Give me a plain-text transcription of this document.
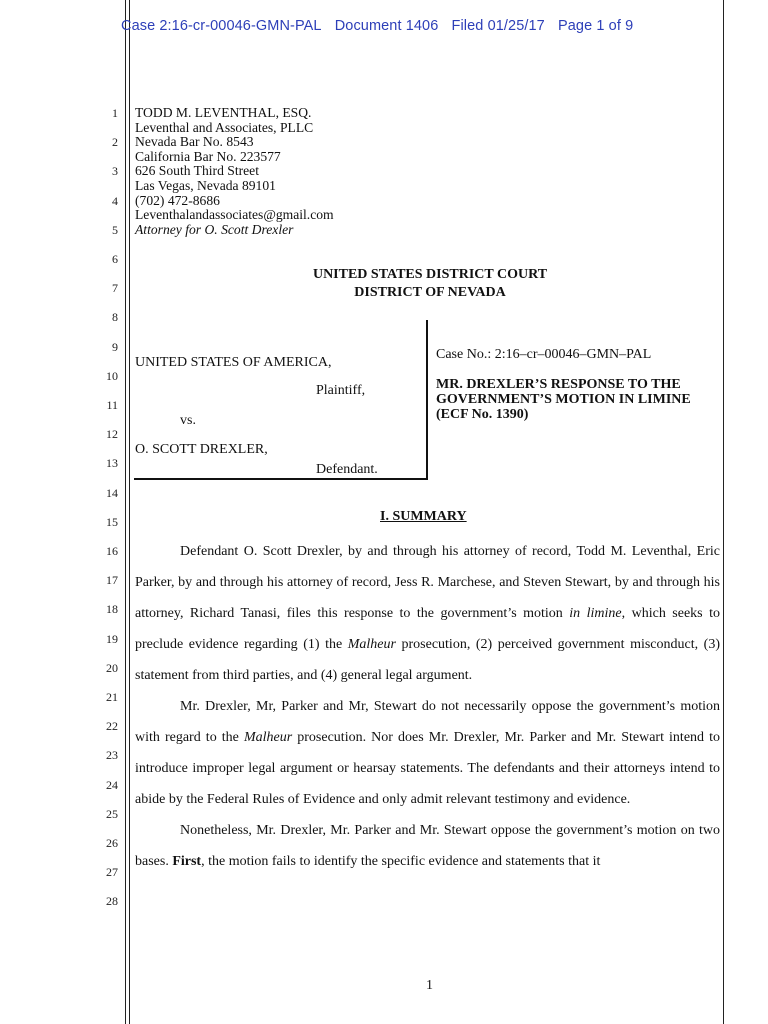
Case 2:16-cr-00046-GMN-PAL Document 1406 Filed 01/25/17 Page 1 of 9
1
2
3
4
5
6
7
8
9
10
11
12
13
14
15
16
17
18
19
20
21
22
23
24
25
26
27
28
TODD M. LEVENTHAL, ESQ.
Leventhal and Associates, PLLC
Nevada Bar No. 8543
California Bar No. 223577
626 South Third Street
Las Vegas, Nevada 89101
(702) 472-8686
Leventhalandassociates@gmail.com
Attorney for O. Scott Drexler
UNITED STATES DISTRICT COURT
DISTRICT OF NEVADA
UNITED STATES OF AMERICA,
Plaintiff,
vs.
O. SCOTT DREXLER,
Defendant.
Case No.: 2:16–cr–00046–GMN–PAL
MR. DREXLER’S RESPONSE TO THE
GOVERNMENT’S MOTION IN LIMINE
(ECF No. 1390)
I. SUMMARY

Defendant O. Scott Drexler, by and through his attorney of record, Todd M. Leventhal, Eric Parker, by and through his attorney of record, Jess R. Marchese, and Steven Stewart, by and through his attorney, Richard Tanasi, files this response to the government’s motion in limine, which seeks to preclude evidence regarding (1) the Malheur prosecution, (2) perceived government misconduct, (3) statement from third parties, and (4) general legal argument.

Mr. Drexler, Mr, Parker and Mr, Stewart do not necessarily oppose the government’s motion with regard to the Malheur prosecution. Nor does Mr. Drexler, Mr. Parker and Mr. Stewart intend to introduce improper legal argument or hearsay statements. The defendants and their attorneys intend to abide by the Federal Rules of Evidence and only admit relevant testimony and evidence.

Nonetheless, Mr. Drexler, Mr. Parker and Mr. Stewart oppose the government’s motion on two bases. First, the motion fails to identify the specific evidence and statements that it

1
